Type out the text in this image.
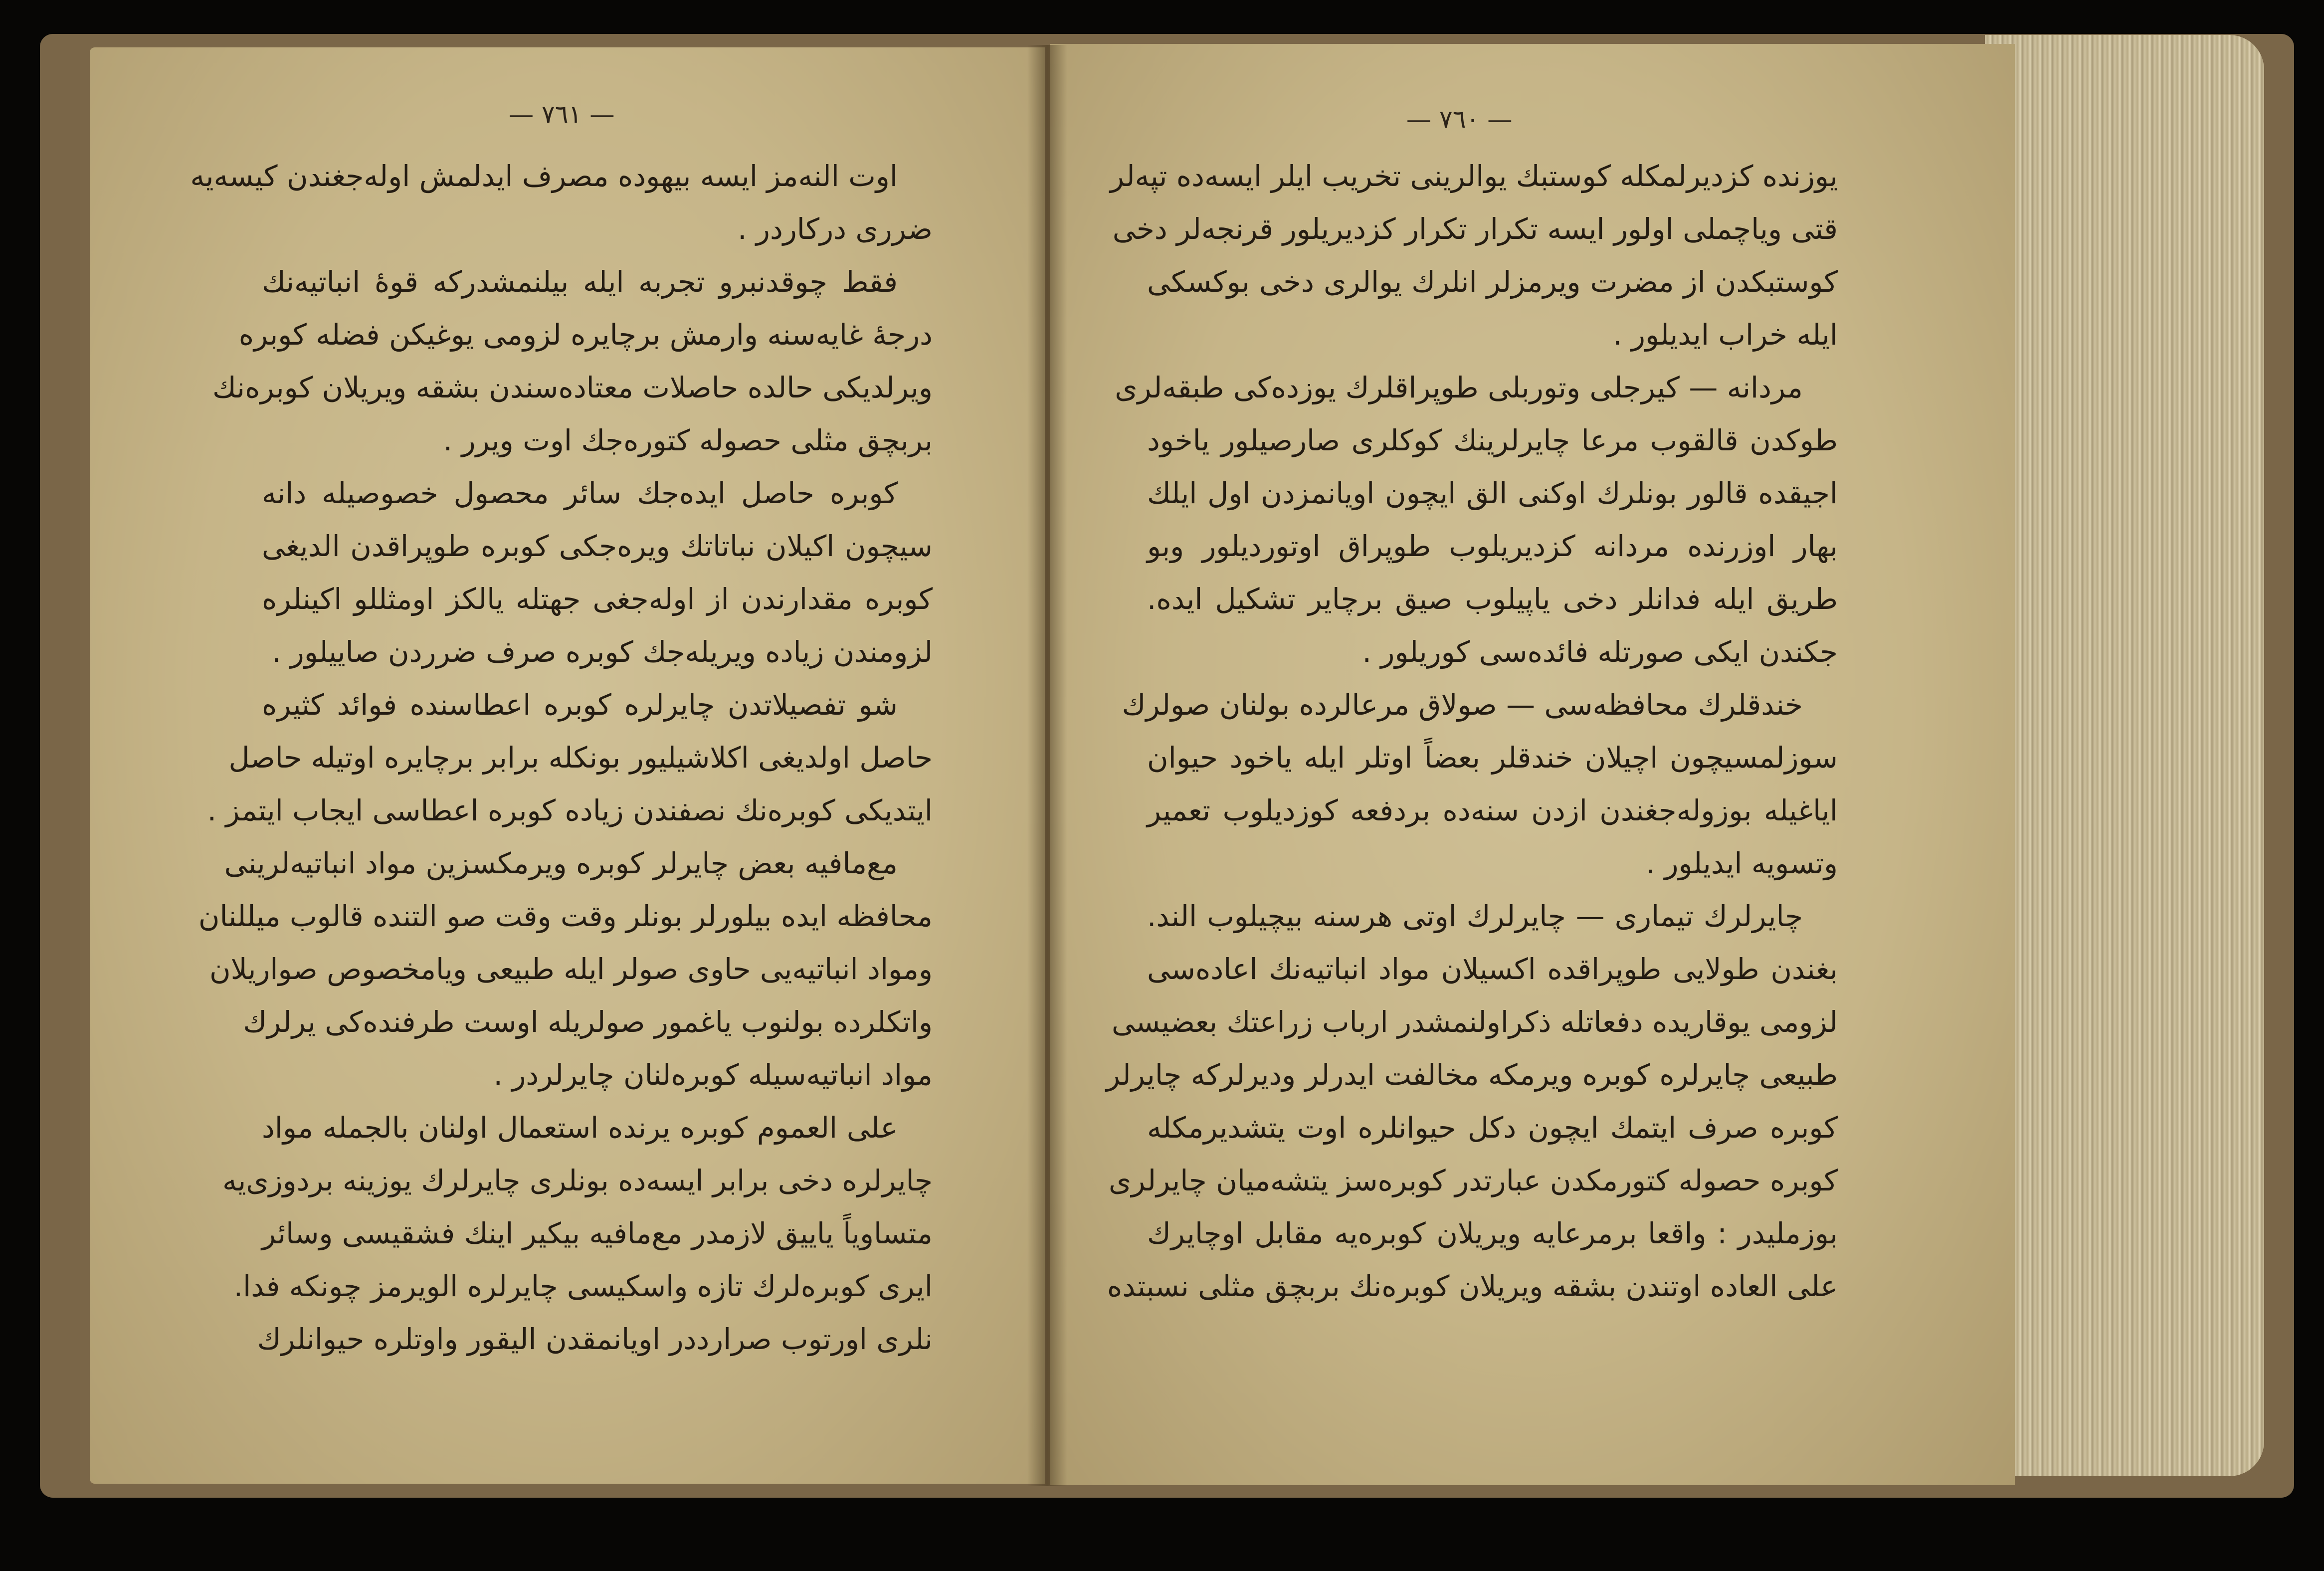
— ٧٦١ —	— ٧٦٠ —
اوت النه‌مز ایسه بیهوده مصرف ایدلمش اوله‌جغندن کیسه‌یه
ضرری درکاردر .
فقط چوقدنبرو تجربه ایله بیلنمشدرکه قوهٔ انباتیه‌نك
درجهٔ غایه‌سنه وارمش برچایره لزومی یوغیکن فضله کوبره
ویرلدیکی حالده حاصلات معتاده‌سندن بشقه ویریلان کوبره‌نك
بربچق مثلی حصوله کتوره‌جك اوت ویرر .
کوبره حاصل ایده‌جك سائر محصول خصوصیله دانه
سیچون اکیلان نباتاتك ویره‌جکی کوبره طوپراقدن الدیغی
کوبره مقدارندن از اوله‌جغی جهتله یالکز اومثللو اکینلره
لزومندن زیاده ویریله‌جك کوبره صرف ضرردن صاییلور .
شو تفصیلاتدن چایرلره کوبره اعطاسنده فوائد کثیره
حاصل اولدیغی اکلاشیلیور بونکله برابر برچایره اوتیله حاصل
ایتدیکی کوبره‌نك نصفندن زیاده کوبره اعطاسی ایجاب ایتمز .
مع‌مافیه بعض چایرلر کوبره ویرمکسزین مواد انباتیه‌لرینی
محافظه ایده بیلورلر بونلر وقت وقت صو التنده قالوب میللنان
ومواد انباتیه‌یی حاوی صولر ایله طبیعی ویامخصوص صواریلان
واتکلرده بولنوب یاغمور صولریله اوست طرفنده‌کی یرلرك
مواد انباتیه‌سیله کوبره‌لنان چایرلردر .
علی العموم کوبره یرنده استعمال اولنان بالجمله مواد
چایرلره دخی برابر ایسه‌ده بونلری چایرلرك یوزینه بردوزی‌یه
متساویاً یاییق لازمدر مع‌مافیه بیکیر اینك فشقیسی وسائر
ایری کوبره‌لرك تازه واسکیسی چایرلره الویرمز چونکه فدا.
نلری اورتوب صرارددر اویانمقدن الیقور واوتلره حیوانلرك
یوزنده کزدیرلمکله کوستبك یوالرینی تخریب ایلر ایسه‌ده تپه‌لر
قتی ویاچملی اولور ایسه تکرار تکرار کزدیریلور قرنجه‌لر دخی
کوستبکدن از مضرت ویرمزلر انلرك یوالری دخی بوکسکی
ایله خراب ایدیلور .
مردانه — کیرجلی وتوربلی طوپراقلرك یوزده‌کی طبقه‌لری
طوکدن قالقوب مرعا چایرلرینك کوکلری صارصیلور یاخود
اجیقده قالور بونلرك اوکنی الق ایچون اویانمزدن اول ایلك
بهار اوزرنده مردانه کزدیریلوب طوپراق اوتوردیلور وبو
طریق ایله فدانلر دخی یاپیلوب صیق برچایر تشکیل ایده.
جکندن ایکی صورتله فائده‌سی کوریلور .
خندقلرك محافظه‌سی — صولاق مرعالرده بولنان صولرك
سوزلمسیچون اچیلان خندقلر بعضاً اوتلر ایله یاخود حیوان
ایاغیله بوزوله‌جغندن ازدن سنه‌ده بردفعه کوزدیلوب تعمیر
وتسویه ایدیلور .
چایرلرك تیماری — چایرلرك اوتی هرسنه بیچیلوب الند.
بغندن طولایی طوپراقده اکسیلان مواد انباتیه‌نك اعاده‌سی
لزومی یوقاریده دفعاتله ذکراولنمشدر ارباب زراعتك بعضیسی
طبیعی چایرلره کوبره ویرمکه مخالفت ایدرلر ودیرلرکه چایرلر
کوبره صرف ایتمك ایچون دکل حیوانلره اوت یتشدیرمکله
کوبره حصوله کتورمکدن عبارتدر کوبره‌سز یتشه‌میان چایرلری
بوزملیدر : واقعا برمرعایه ویریلان کوبره‌یه مقابل اوچایرك
علی العاده اوتندن بشقه ویریلان کوبره‌نك بربچق مثلی نسبتده
